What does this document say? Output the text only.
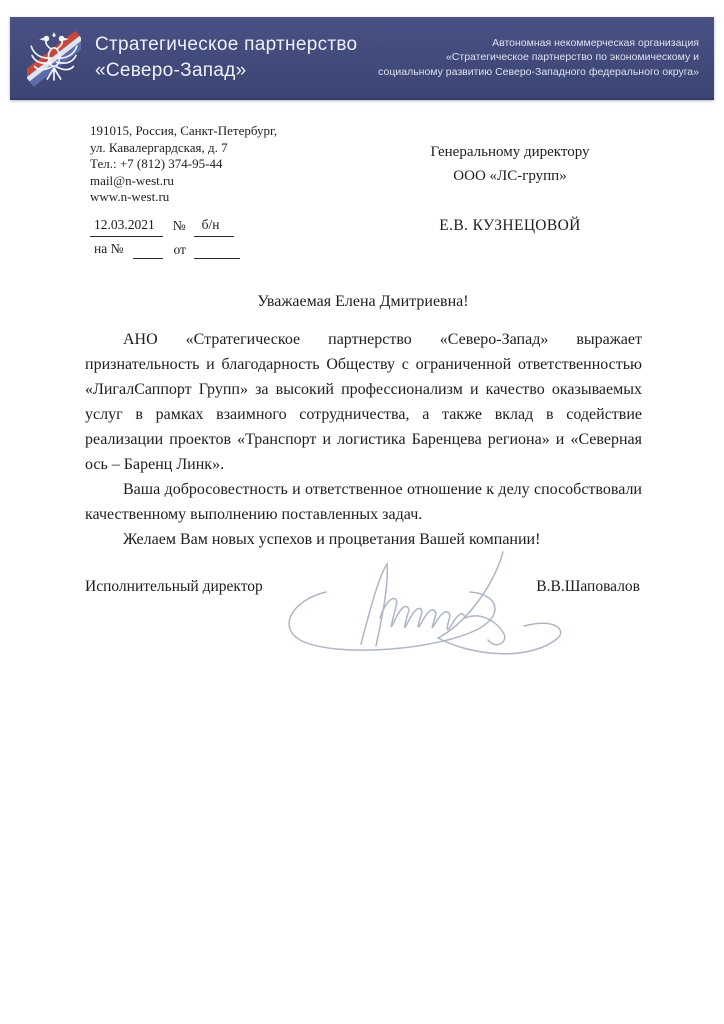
Стратегическое партнерство
«Северо-Запад»
Автономная некоммерческая организация
«Стратегическое партнерство по экономическому и
социальному развитию Северо-Западного федерального округа»
191015, Россия, Санкт-Петербург,
ул. Кавалергардская, д. 7
Тел.: +7 (812) 374-95-44
mail@n-west.ru
www.n-west.ru
12.03.2021	№	б/н
на №	от
Генеральному директору
ООО «ЛС-групп»
Е.В. КУЗНЕЦОВОЙ
Уважаемая Елена Дмитриевна!

АНО «Стратегическое партнерство «Северо-Запад» выражает признательность и благодарность Обществу с ограниченной ответственностью «ЛигалСаппорт Групп» за высокий профессионализм и качество оказываемых услуг в рамках взаимного сотрудничества, а также вклад в содействие реализации проектов «Транспорт и логистика Баренцева региона» и «Северная ось – Баренц Линк».

Ваша добросовестность и ответственное отношение к делу способствовали качественному выполнению поставленных задач.

Желаем Вам новых успехов и процветания Вашей компании!

Исполнительный директор	В.В.Шаповалов
